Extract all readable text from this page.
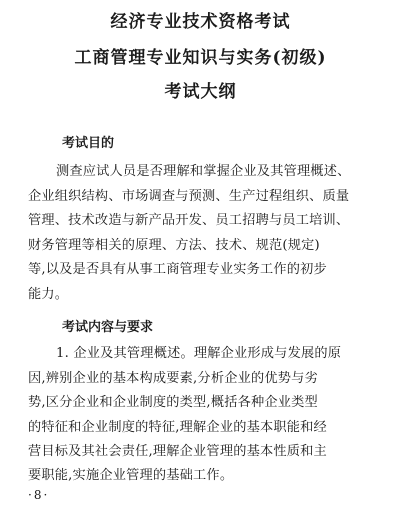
经济专业技术资格考试
工商管理专业知识与实务(初级)
考试大纲
考试目的
测查应试人员是否理解和掌握企业及其管理概述、
企业组织结构、市场调查与预测、生产过程组织、质量
管理、技术改造与新产品开发、员工招聘与员工培训、
财务管理等相关的原理、方法、技术、规范(规定)
等,以及是否具有从事工商管理专业实务工作的初步
能力。
考试内容与要求
1. 企业及其管理概述。理解企业形成与发展的原
因,辨别企业的基本构成要素,分析企业的优势与劣
势,区分企业和企业制度的类型,概括各种企业类型
的特征和企业制度的特征,理解企业的基本职能和经
营目标及其社会责任,理解企业管理的基本性质和主
要职能,实施企业管理的基础工作。
·8·
